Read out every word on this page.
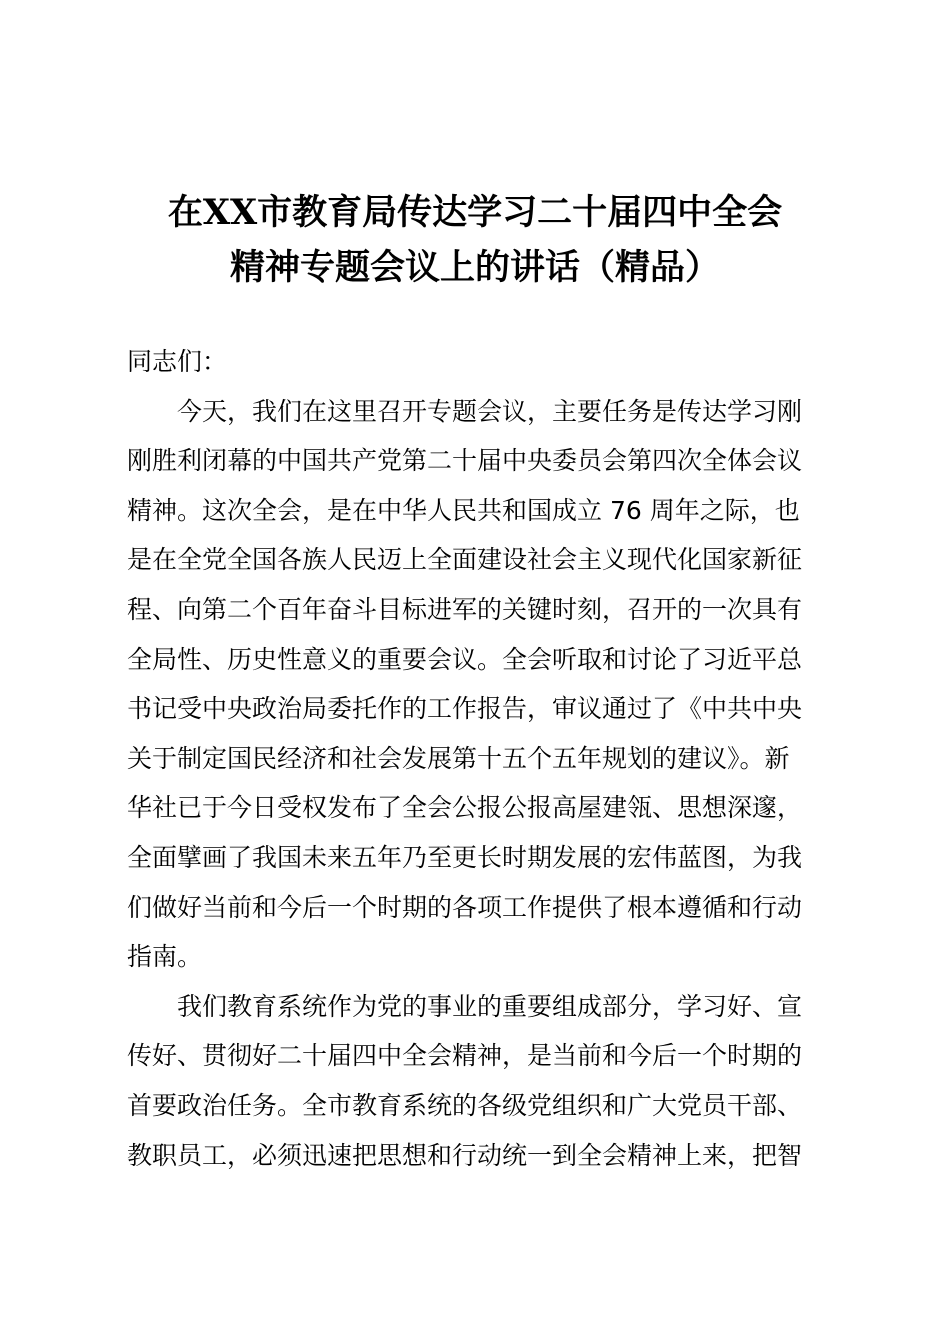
在XX市教育局传达学习二十届四中全会
精神专题会议上的讲话（精品）
同志们：
今天，我们在这里召开专题会议，主要任务是传达学习刚
刚胜利闭幕的中国共产党第二十届中央委员会第四次全体会议
精神。这次全会，是在中华人民共和国成立 76 周年之际，也
是在全党全国各族人民迈上全面建设社会主义现代化国家新征
程、向第二个百年奋斗目标进军的关键时刻，召开的一次具有
全局性、历史性意义的重要会议。全会听取和讨论了习近平总
书记受中央政治局委托作的工作报告，审议通过了《中共中央
关于制定国民经济和社会发展第十五个五年规划的建议》。新
华社已于今日受权发布了全会公报公报高屋建瓴、思想深邃，
全面擘画了我国未来五年乃至更长时期发展的宏伟蓝图，为我
们做好当前和今后一个时期的各项工作提供了根本遵循和行动
指南。
我们教育系统作为党的事业的重要组成部分，学习好、宣
传好、贯彻好二十届四中全会精神，是当前和今后一个时期的
首要政治任务。全市教育系统的各级党组织和广大党员干部、
教职员工，必须迅速把思想和行动统一到全会精神上来，把智
